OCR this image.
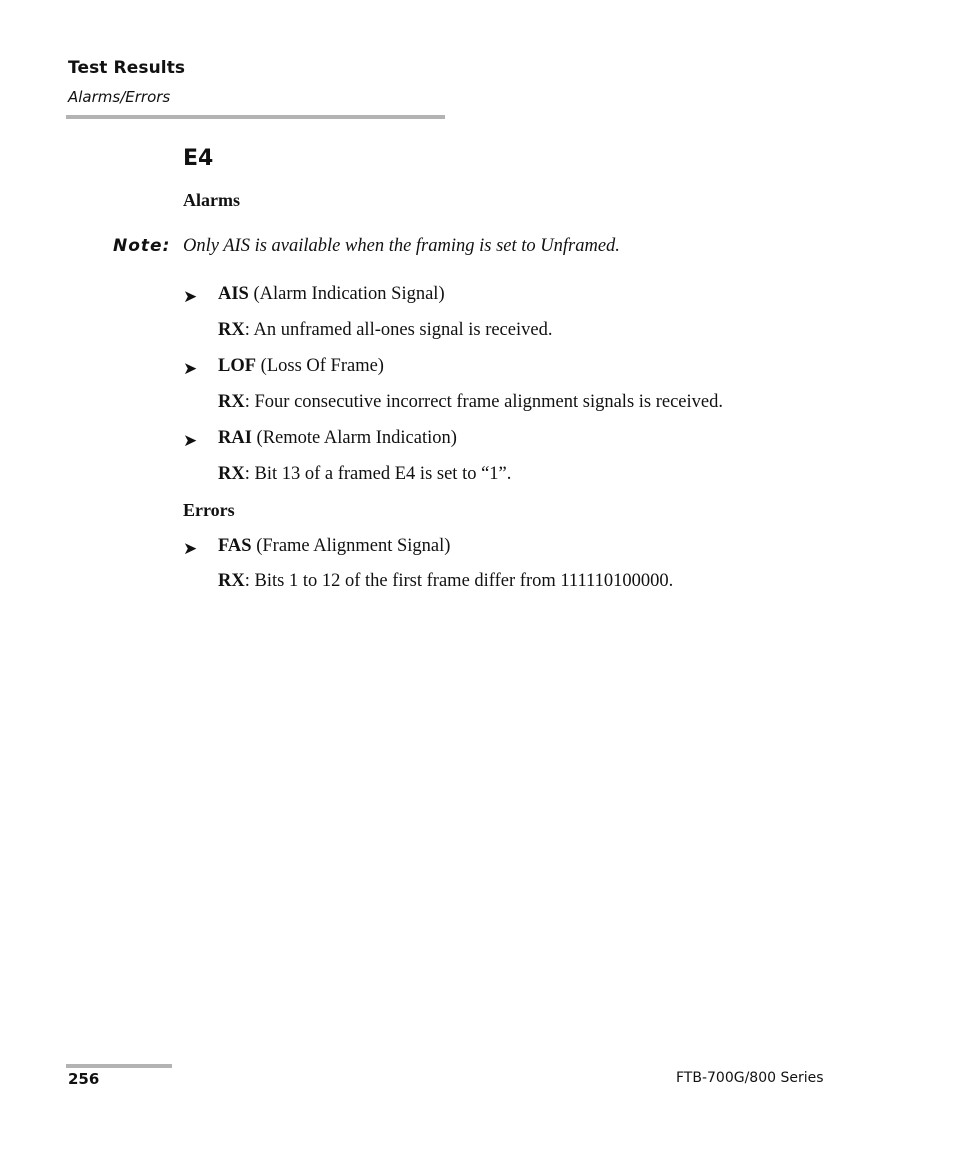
Test Results

Alarms/Errors

E4
Alarms
Note: Only AIS is available when the framing is set to Unframed.
➤ AIS (Alarm Indication Signal)
RX: An unframed all-ones signal is received.
➤ LOF (Loss Of Frame)
RX: Four consecutive incorrect frame alignment signals is received.
➤ RAI (Remote Alarm Indication)
RX: Bit 13 of a framed E4 is set to “1”.
Errors
➤ FAS (Frame Alignment Signal)
RX: Bits 1 to 12 of the first frame differ from 111110100000.
256	FTB-700G/800 Series
